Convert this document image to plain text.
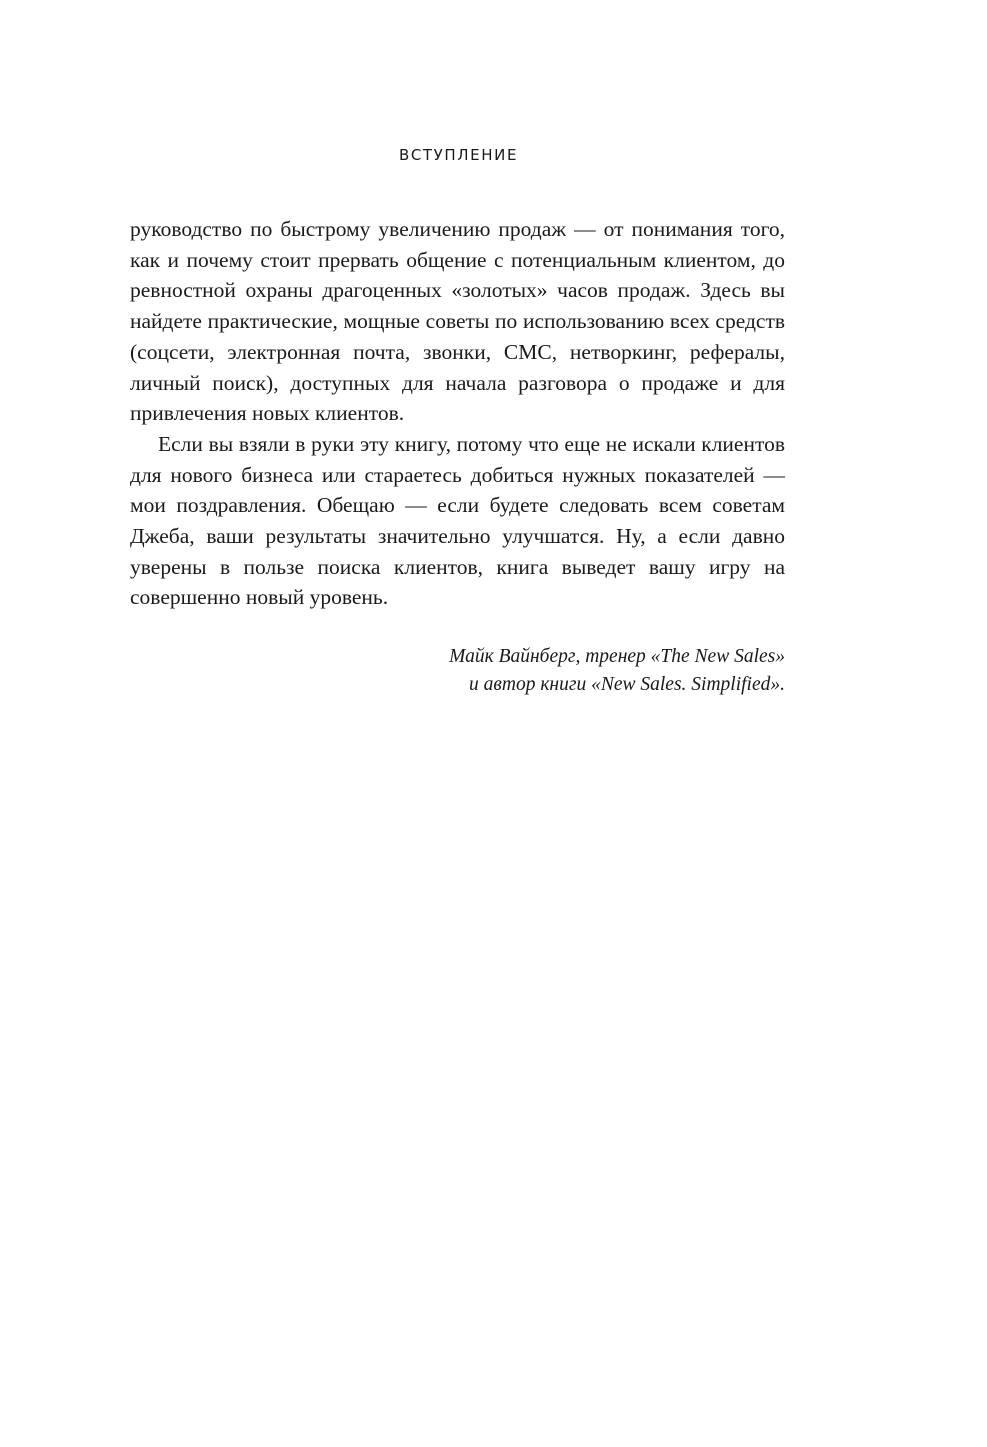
ВСТУПЛЕНИЕ

руководство по быстрому увеличению продаж — от понимания того, как и почему стоит прервать общение с потенциальным клиентом, до ревностной охраны драгоценных «золотых» часов продаж. Здесь вы найдете практические, мощные советы по использованию всех средств (соцсети, электронная почта, звонки, СМС, нетворкинг, рефералы, личный поиск), доступных для начала разговора о продаже и для привлечения новых клиентов.

Если вы взяли в руки эту книгу, потому что еще не искали клиентов для нового бизнеса или стараетесь добиться нужных показателей — мои поздравления. Обещаю — если будете следовать всем советам Джеба, ваши результаты значительно улучшатся. Ну, а если давно уверены в пользе поиска клиентов, книга выведет вашу игру на совершенно новый уровень.

Майк Вайнберг, тренер «The New Sales»
и автор книги «New Sales. Simplified».
